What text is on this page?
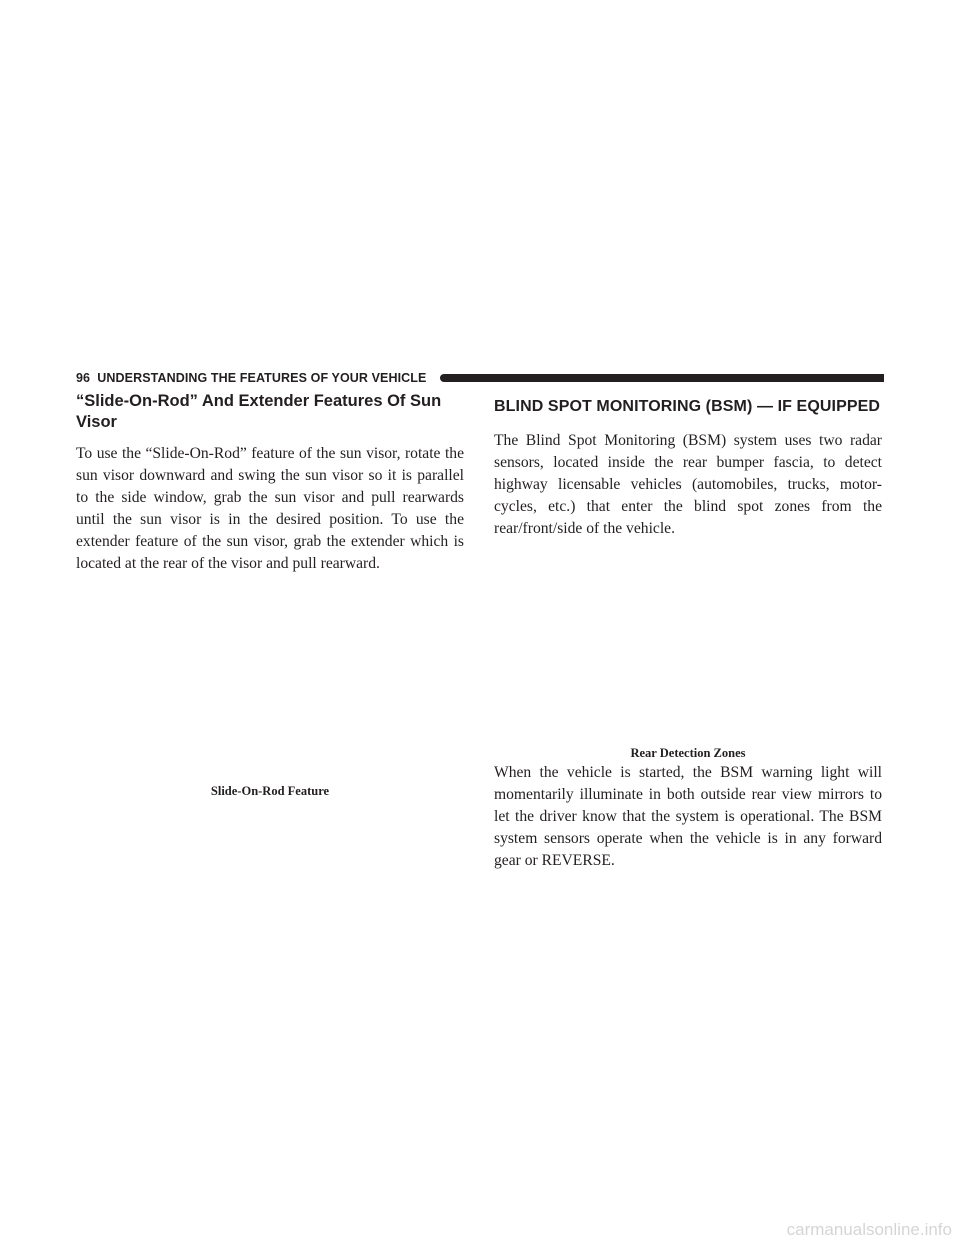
96 UNDERSTANDING THE FEATURES OF YOUR VEHICLE
“Slide-On-Rod” And Extender Features Of Sun Visor

To use the “Slide-On-Rod” feature of the sun visor, rotate the sun visor downward and swing the sun visor so it is parallel to the side window, grab the sun visor and pull rearwards until the sun visor is in the desired position. To use the extender feature of the sun visor, grab the extender which is located at the rear of the visor and pull rearward.

Slide-On-Rod Feature
BLIND SPOT MONITORING (BSM) — IF EQUIPPED

The Blind Spot Monitoring (BSM) system uses two radar sensors, located inside the rear bumper fascia, to detect highway licensable vehicles (automobiles, trucks, motor-cycles, etc.) that enter the blind spot zones from the rear/front/side of the vehicle.

Rear Detection Zones

When the vehicle is started, the BSM warning light will momentarily illuminate in both outside rear view mirrors to let the driver know that the system is operational. The BSM system sensors operate when the vehicle is in any forward gear or REVERSE.

carmanualsonline.info
